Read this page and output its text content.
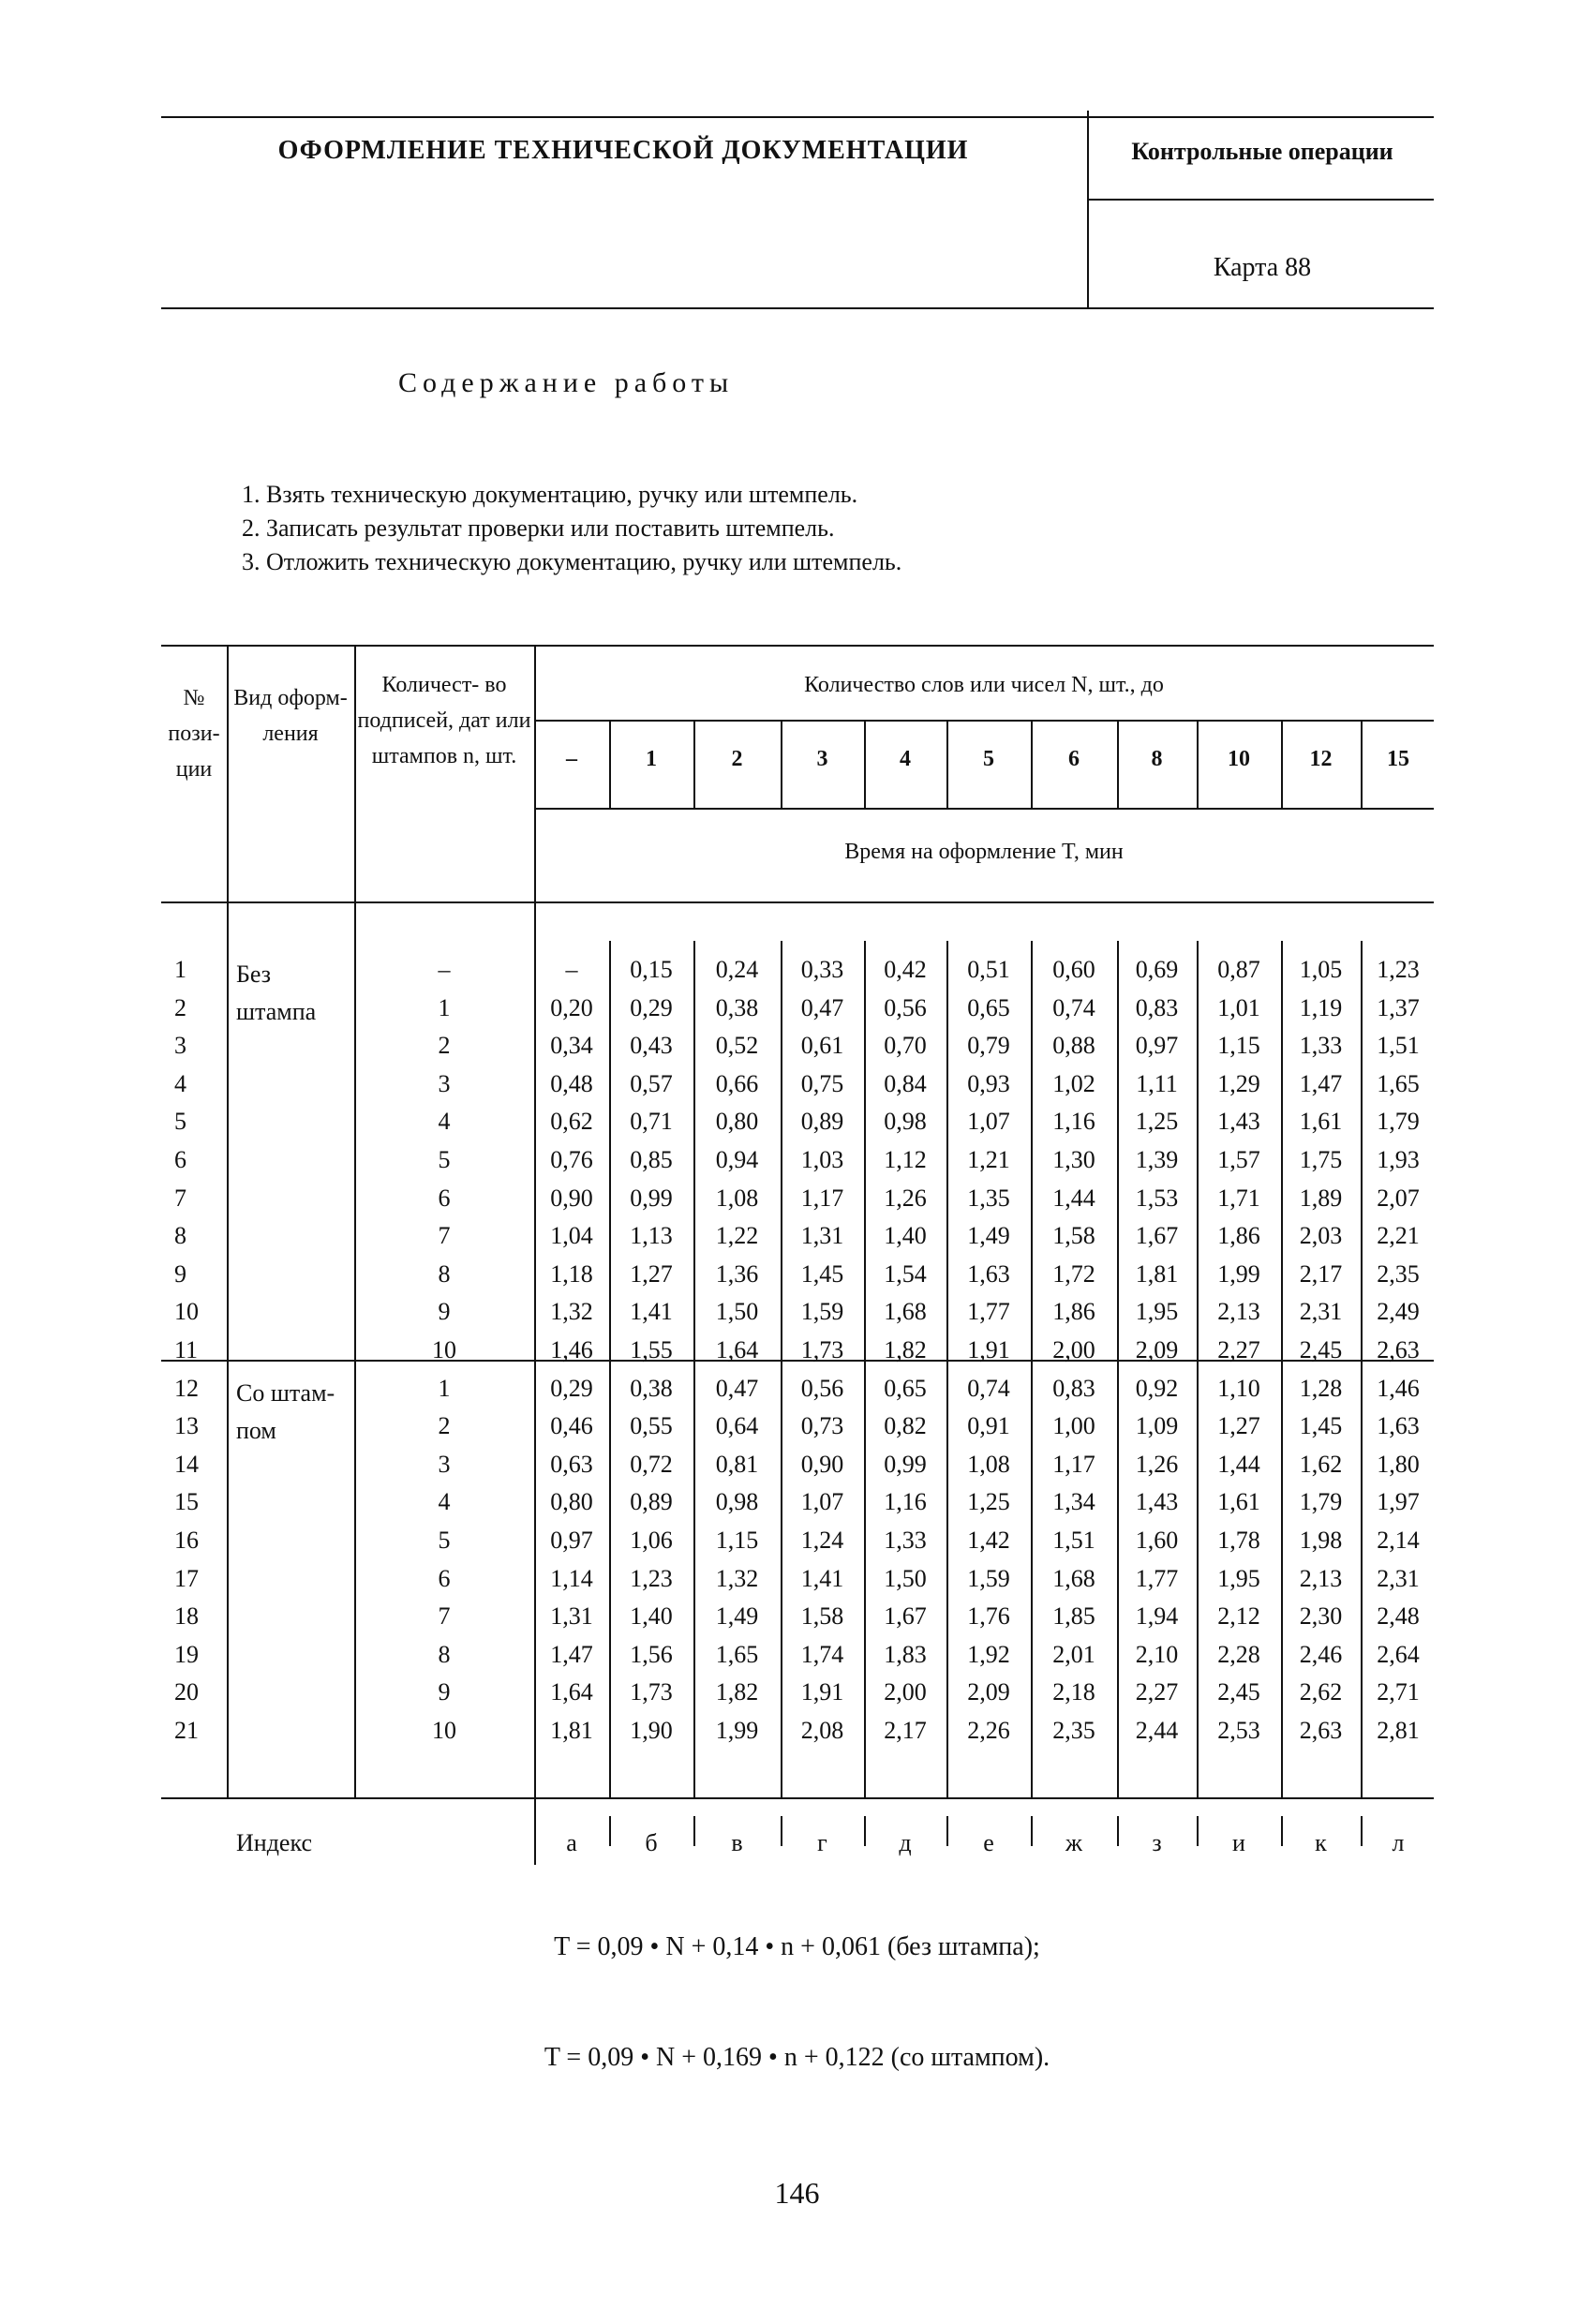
ОФОРМЛЕНИЕ ТЕХНИЧЕСКОЙ ДОКУМЕНТАЦИИ	Контрольные операции
Карта 88
Содержание работы
1. Взять техническую документацию, ручку или штемпель.
2. Записать результат проверки или поставить штемпель.
3. Отложить техническую документацию, ручку или штемпель.
№ пози- ции
Вид оформ- ления
Количест- во подписей, дат или штампов n, шт.
Количество слов или чисел N, шт., до
Время на оформление T, мин
–	1	2	3	4	5	6	8	10	12	15
Без штампа
Со штам- пом
1	–	–	0,15	0,24	0,33	0,42	0,51	0,60	0,69	0,87	1,05	1,23
2	1	0,20	0,29	0,38	0,47	0,56	0,65	0,74	0,83	1,01	1,19	1,37
3	2	0,34	0,43	0,52	0,61	0,70	0,79	0,88	0,97	1,15	1,33	1,51
4	3	0,48	0,57	0,66	0,75	0,84	0,93	1,02	1,11	1,29	1,47	1,65
5	4	0,62	0,71	0,80	0,89	0,98	1,07	1,16	1,25	1,43	1,61	1,79
6	5	0,76	0,85	0,94	1,03	1,12	1,21	1,30	1,39	1,57	1,75	1,93
7	6	0,90	0,99	1,08	1,17	1,26	1,35	1,44	1,53	1,71	1,89	2,07
8	7	1,04	1,13	1,22	1,31	1,40	1,49	1,58	1,67	1,86	2,03	2,21
9	8	1,18	1,27	1,36	1,45	1,54	1,63	1,72	1,81	1,99	2,17	2,35
10	9	1,32	1,41	1,50	1,59	1,68	1,77	1,86	1,95	2,13	2,31	2,49
11	10	1,46	1,55	1,64	1,73	1,82	1,91	2,00	2,09	2,27	2,45	2,63
12	1	0,29	0,38	0,47	0,56	0,65	0,74	0,83	0,92	1,10	1,28	1,46
13	2	0,46	0,55	0,64	0,73	0,82	0,91	1,00	1,09	1,27	1,45	1,63
14	3	0,63	0,72	0,81	0,90	0,99	1,08	1,17	1,26	1,44	1,62	1,80
15	4	0,80	0,89	0,98	1,07	1,16	1,25	1,34	1,43	1,61	1,79	1,97
16	5	0,97	1,06	1,15	1,24	1,33	1,42	1,51	1,60	1,78	1,98	2,14
17	6	1,14	1,23	1,32	1,41	1,50	1,59	1,68	1,77	1,95	2,13	2,31
18	7	1,31	1,40	1,49	1,58	1,67	1,76	1,85	1,94	2,12	2,30	2,48
19	8	1,47	1,56	1,65	1,74	1,83	1,92	2,01	2,10	2,28	2,46	2,64
20	9	1,64	1,73	1,82	1,91	2,00	2,09	2,18	2,27	2,45	2,62	2,71
21	10	1,81	1,90	1,99	2,08	2,17	2,26	2,35	2,44	2,53	2,63	2,81
Индекс	а	б	в	г	д	е	ж	з	и	к	л
T = 0,09 • N + 0,14 • n + 0,061 (без штампа);
T = 0,09 • N + 0,169 • n + 0,122 (со штампом).
146
